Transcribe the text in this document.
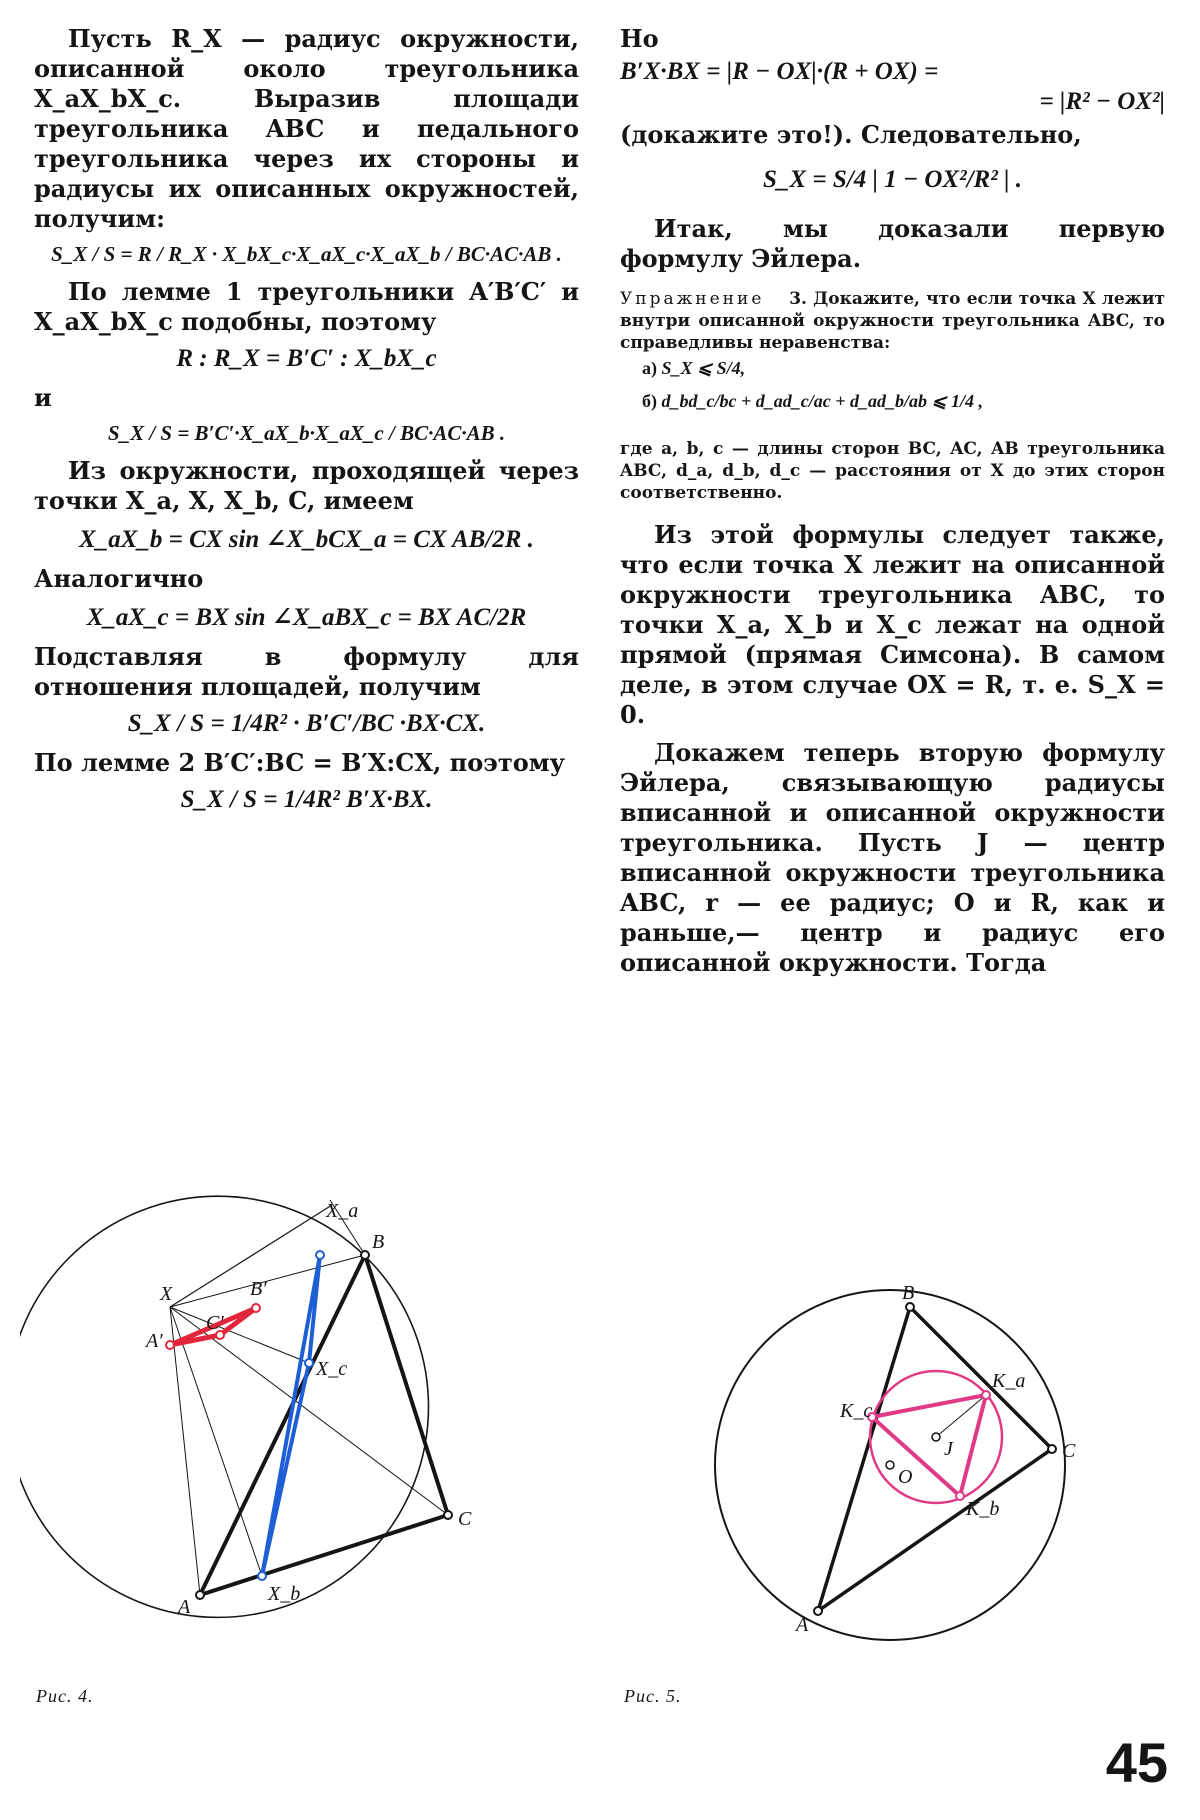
Пусть R_X — радиус окружности, описанной около треугольника X_aX_bX_c. Выразив площади треугольника ABC и педального треугольника через их стороны и радиусы их описанных окружностей, получим:

S_X / S = R / R_X · X_bX_c·X_aX_c·X_aX_b / BC·AC·AB .

По лемме 1 треугольники A′B′C′ и X_aX_bX_c подобны, поэтому

R : R_X = B′C′ : X_bX_c

и

S_X / S = B′C′·X_aX_b·X_aX_c / BC·AC·AB .

Из окружности, проходящей через точки X_a, X, X_b, C, имеем

X_aX_b = CX sin ∠X_bCX_a = CX AB/2R .

Аналогично

X_aX_c = BX sin ∠X_aBX_c = BX AC/2R

Подставляя в формулу для отношения площадей, получим

S_X / S = 1/4R² · B′C′/BC ·BX·CX.

По лемме 2 B′C′:BC = B′X:CX, поэтому

S_X / S = 1/4R² B′X·BX.

Но

B′X·BX = |R − OX|·(R + OX) =
= |R² − OX²|

(докажите это!). Следовательно,

S_X = S/4 | 1 − OX²/R² | .

Итак, мы доказали первую формулу Эйлера.

Упражнение 3. Докажите, что если точка X лежит внутри описанной окружности треугольника ABC, то справедливы неравенства:

а) S_X ⩽ S/4,
б) d_bd_c/bc + d_ad_c/ac + d_ad_b/ab ⩽ 1/4 ,

где a, b, c — длины сторон BC, AC, AB треугольника ABC, d_a, d_b, d_c — расстояния от X до этих сторон соответственно.

Из этой формулы следует также, что если точка X лежит на описанной окружности треугольника ABC, то точки X_a, X_b и X_c лежат на одной прямой (прямая Симсона). В самом деле, в этом случае OX = R, т. е. S_X = 0.

Докажем теперь вторую формулу Эйлера, связывающую радиусы вписанной и описанной окружности треугольника. Пусть J — центр вписанной окружности треугольника ABC, r — ее радиус; O и R, как и раньше,— центр и радиус его описанной окружности. Тогда

X
X_a
B′
B
C′
A′
X_c
C
A
X_b
B
K_a
K_c
J
O
C
K_b
A
Рис. 4.	Рис. 5.
45
